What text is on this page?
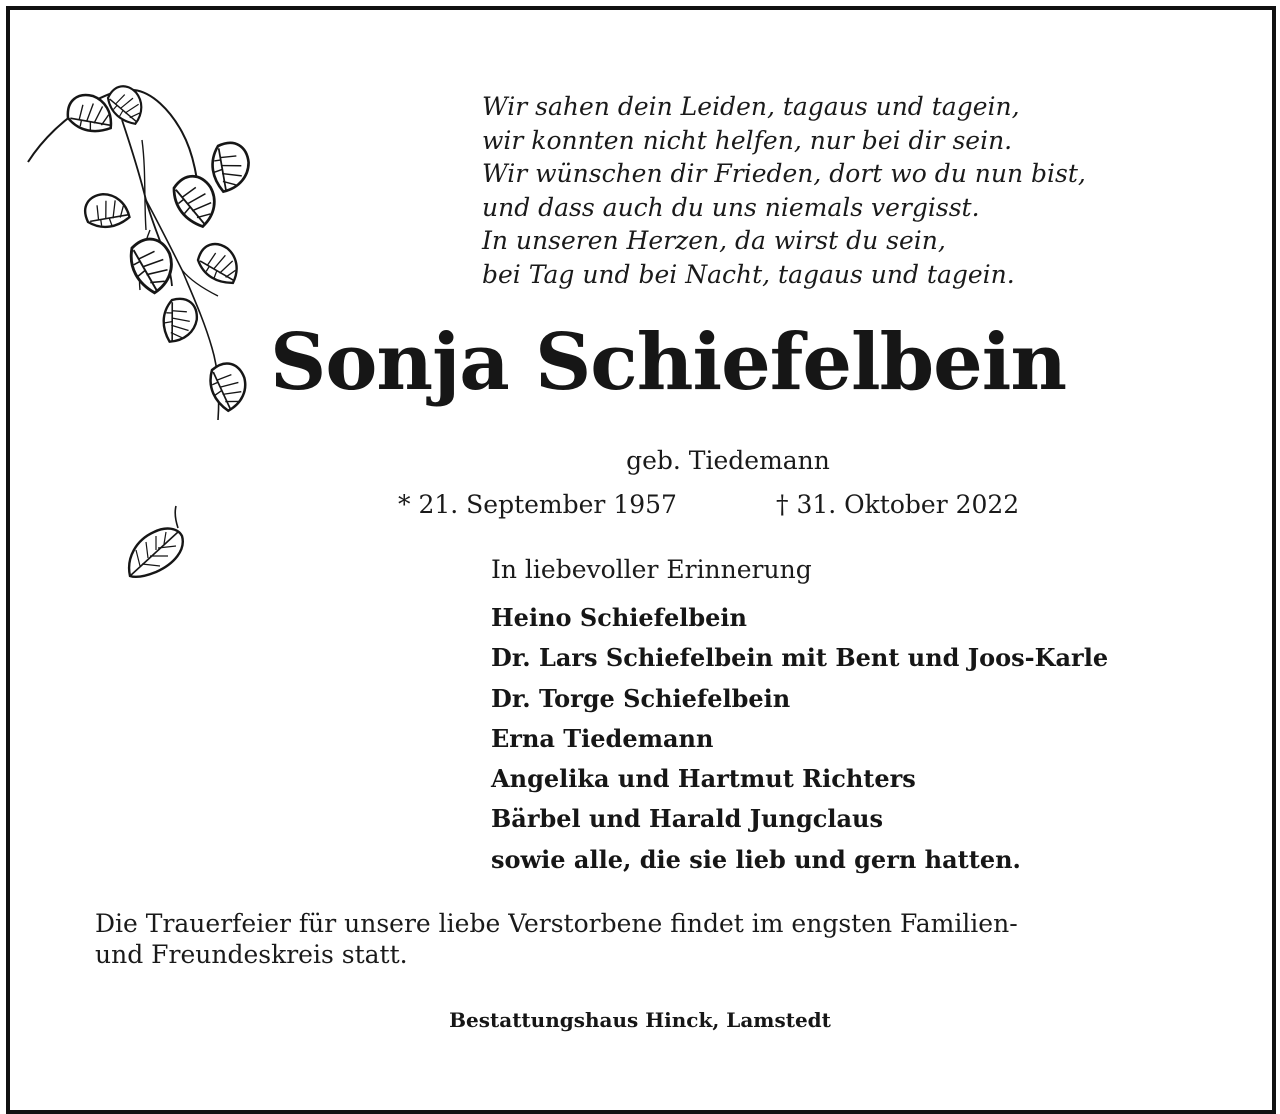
Wir sahen dein Leiden, tagaus und tagein,
wir konnten nicht helfen, nur bei dir sein.
Wir wünschen dir Frieden, dort wo du nun bist,
und dass auch du uns niemals vergisst.
In unseren Herzen, da wirst du sein,
bei Tag und bei Nacht, tagaus und tagein.
Sonja Schiefelbein
geb. Tiedemann
* 21. September 1957	† 31. Oktober 2022
In liebevoller Erinnerung
Heino Schiefelbein
Dr. Lars Schiefelbein mit Bent und Joos-Karle
Dr. Torge Schiefelbein
Erna Tiedemann
Angelika und Hartmut Richters
Bärbel und Harald Jungclaus
sowie alle, die sie lieb und gern hatten.
Die Trauerfeier für unsere liebe Verstorbene findet im engsten Familien-
und Freundeskreis statt.
Bestattungshaus Hinck, Lamstedt
